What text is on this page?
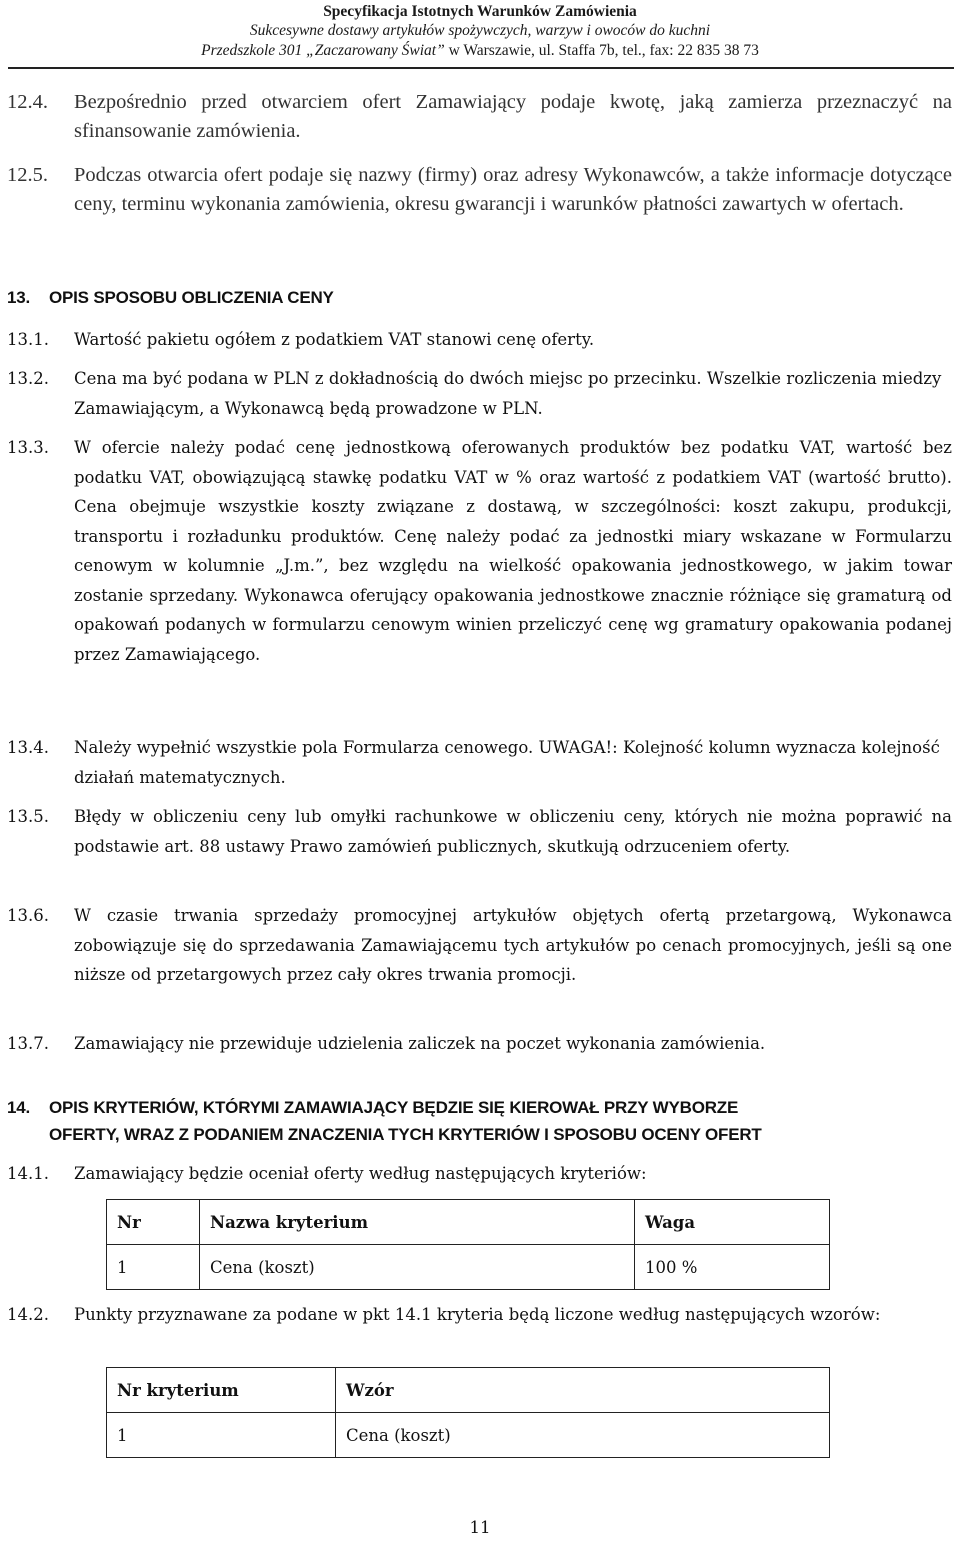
Specyfikacja Istotnych Warunków Zamówienia
Sukcesywne dostawy artykułów spożywczych, warzyw i owoców do kuchni
Przedszkole 301 „Zaczarowany Świat” w Warszawie, ul. Staffa 7b, tel., fax: 22 835 38 73
12.4. Bezpośrednio przed otwarciem ofert Zamawiający podaje kwotę, jaką zamierza przeznaczyć na sfinansowanie zamówienia.
12.5. Podczas otwarcia ofert podaje się nazwy (firmy) oraz adresy Wykonawców, a także informacje dotyczące ceny, terminu wykonania zamówienia, okresu gwarancji i warunków płatności zawartych w ofertach.
13. OPIS SPOSOBU OBLICZENIA CENY
13.1. Wartość pakietu ogółem z podatkiem VAT stanowi cenę oferty.
13.2. Cena ma być podana w PLN z dokładnością do dwóch miejsc po przecinku. Wszelkie rozliczenia miedzy Zamawiającym, a Wykonawcą będą prowadzone w PLN.
13.3. W ofercie należy podać cenę jednostkową oferowanych produktów bez podatku VAT, wartość bez podatku VAT, obowiązującą stawkę podatku VAT w % oraz wartość z podatkiem VAT (wartość brutto). Cena obejmuje wszystkie koszty związane z dostawą, w szczególności: koszt zakupu, produkcji, transportu i rozładunku produktów. Cenę należy podać za jednostki miary wskazane w Formularzu cenowym w kolumnie „J.m.”, bez względu na wielkość opakowania jednostkowego, w jakim towar zostanie sprzedany. Wykonawca oferujący opakowania jednostkowe znacznie różniące się gramaturą od opakowań podanych w formularzu cenowym winien przeliczyć cenę wg gramatury opakowania podanej przez Zamawiającego.
13.4. Należy wypełnić wszystkie pola Formularza cenowego. UWAGA!: Kolejność kolumn wyznacza kolejność działań matematycznych.
13.5. Błędy w obliczeniu ceny lub omyłki rachunkowe w obliczeniu ceny, których nie można poprawić na podstawie art. 88 ustawy Prawo zamówień publicznych, skutkują odrzuceniem oferty.
13.6. W czasie trwania sprzedaży promocyjnej artykułów objętych ofertą przetargową, Wykonawca zobowiązuje się do sprzedawania Zamawiającemu tych artykułów po cenach promocyjnych, jeśli są one niższe od przetargowych przez cały okres trwania promocji.
13.7. Zamawiający nie przewiduje udzielenia zaliczek na poczet wykonania zamówienia.
14. OPIS KRYTERIÓW, KTÓRYMI ZAMAWIAJĄCY BĘDZIE SIĘ KIEROWAŁ PRZY WYBORZE
OFERTY, WRAZ Z PODANIEM ZNACZENIA TYCH KRYTERIÓW I SPOSOBU OCENY OFERT
14.1. Zamawiający będzie oceniał oferty według następujących kryteriów:
Nr	Nazwa kryterium	Waga
1	Cena (koszt)	100 %
14.2. Punkty przyznawane za podane w pkt 14.1 kryteria będą liczone według następujących wzorów:
Nr kryterium	Wzór
1	Cena (koszt)
11
